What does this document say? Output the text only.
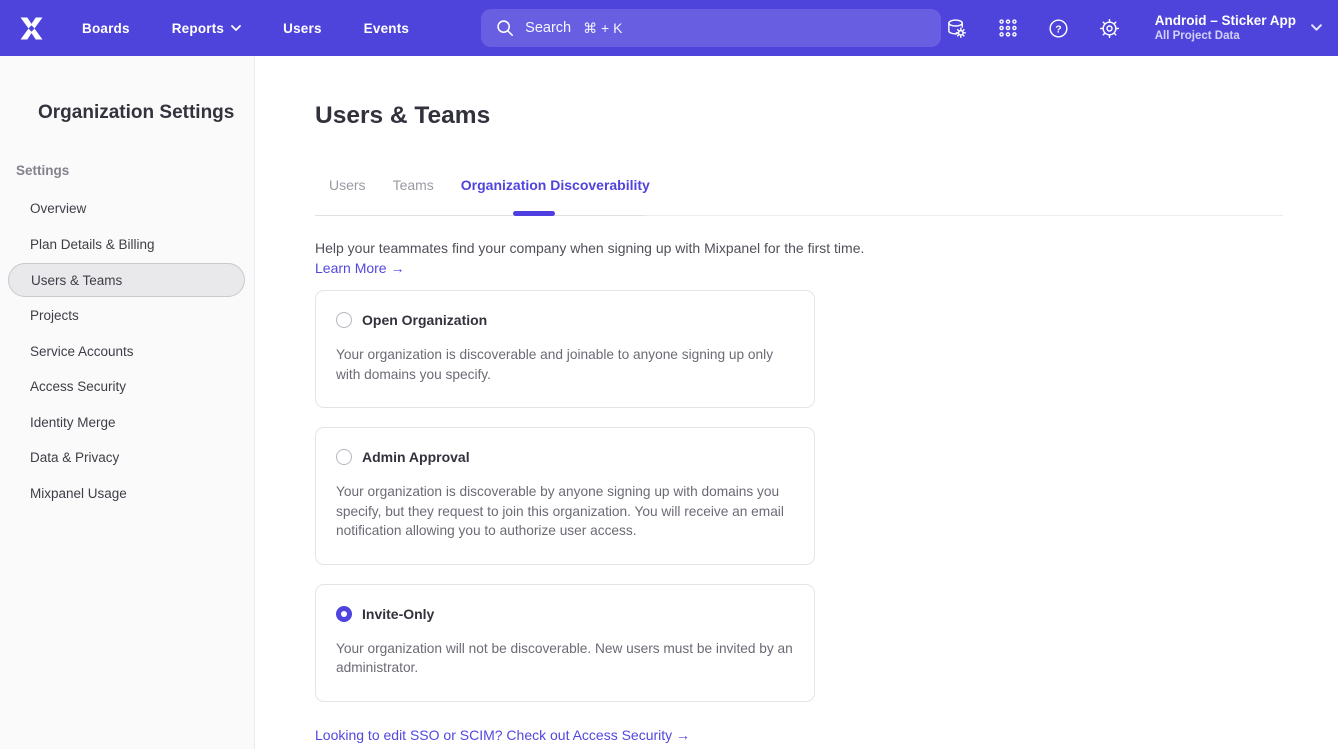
Boards	Reports	Users	Events	Search ⌘ + K	?
Android – Sticker App
All Project Data
Organization Settings
Settings
Overview
Plan Details & Billing
Users & Teams
Projects
Service Accounts
Access Security
Identity Merge
Data & Privacy
Mixpanel Usage
Users & Teams
Users Teams Organization Discoverability

Help your teammates find your company when signing up with Mixpanel for the first time.

Learn More →
Open Organization

Your organization is discoverable and joinable to anyone signing up only with domains you specify.

Admin Approval

Your organization is discoverable by anyone signing up with domains you specify, but they request to join this organization. You will receive an email notification allowing you to authorize user access.

Invite-Only

Your organization will not be discoverable. New users must be invited by an administrator.

Looking to edit SSO or SCIM? Check out Access Security →
